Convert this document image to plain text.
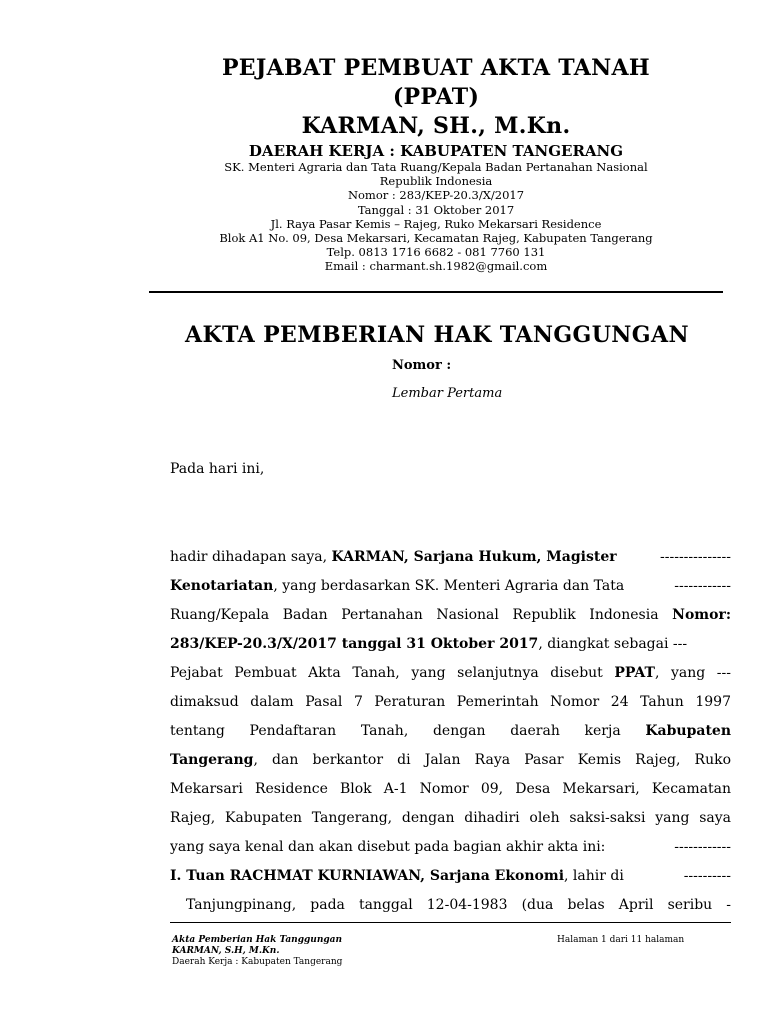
PEJABAT PEMBUAT AKTA TANAH
(PPAT)
KARMAN, SH., M.Kn.
DAERAH KERJA : KABUPATEN TANGERANG
SK. Menteri Agraria dan Tata Ruang/Kepala Badan Pertanahan Nasional
Republik Indonesia
Nomor : 283/KEP-20.3/X/2017
Tanggal : 31 Oktober 2017
Jl. Raya Pasar Kemis – Rajeg, Ruko Mekarsari Residence
Blok A1 No. 09, Desa Mekarsari, Kecamatan Rajeg, Kabupaten Tangerang
Telp. 0813 1716 6682 - 081 7760 131
Email : charmant.sh.1982@gmail.com
AKTA PEMBERIAN HAK TANGGUNGAN
Nomor :
Lembar Pertama
Pada hari ini,
hadir dihadapan saya, KARMAN, Sarjana Hukum, Magister	---------------
Kenotariatan, yang berdasarkan SK. Menteri Agraria dan Tata	------------
Ruang/Kepala Badan Pertanahan Nasional Republik Indonesia Nomor:
283/KEP-20.3/X/2017 tanggal 31 Oktober 2017, diangkat sebagai ---
Pejabat Pembuat Akta Tanah, yang selanjutnya disebut PPAT, yang ---
dimaksud dalam Pasal 7 Peraturan Pemerintah Nomor 24 Tahun 1997
tentang Pendaftaran Tanah, dengan daerah kerja Kabupaten
Tangerang, dan berkantor di Jalan Raya Pasar Kemis Rajeg, Ruko
Mekarsari Residence Blok A-1 Nomor 09, Desa Mekarsari, Kecamatan
Rajeg, Kabupaten Tangerang, dengan dihadiri oleh saksi-saksi yang saya
yang saya kenal dan akan disebut pada bagian akhir akta ini:	------------
I. Tuan RACHMAT KURNIAWAN, Sarjana Ekonomi, lahir di	----------
Tanjungpinang, pada tanggal 12-04-1983 (dua belas April seribu -
Akta Pemberian Hak Tanggungan
KARMAN, S.H, M.Kn.
Daerah Kerja : Kabupaten Tangerang
Halaman 1 dari 11 halaman
